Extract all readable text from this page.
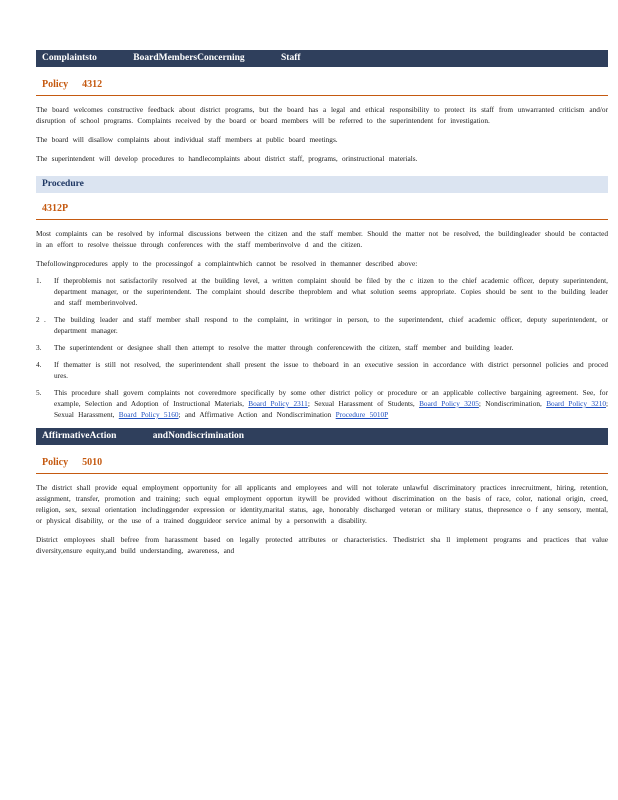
Complaintsto	BoardMembersConcerning	Staff
Policy 4312

The board welcomes constructive feedback about district programs, but the board has a legal and ethical responsibility to protect its staff from unwarranted criticism and/or disruption of school programs. Complaints received by the board or board members will be referred to the superintendent for investigation.

The board will disallow complaints about individual staff members at public board meetings.

The superintendent will develop procedures to handlecomplaints about district staff, programs, orinstructional materials.

Procedure
4312P

Most complaints can be resolved by informal discussions between the citizen and the staff member. Should the matter not be resolved, the buildingleader should be contacted in an effort to resolve theissue through conferences with the staff memberinvolve d and the citizen.

Thefollowingprocedures apply to the processingof a complaintwhich cannot be resolved in themanner described above:

1. If theproblemis not satisfactorily resolved at the building level, a written complaint should be filed by the c itizen to the chief academic officer, deputy superintendent, department manager, or the superintendent. The complaint should describe theproblem and what solution seems appropriate. Copies should be sent to the building leader and staff memberinvolved.
2 . The building leader and staff member shall respond to the complaint, in writingor in person, to the superintendent, chief academic officer, deputy superintendent, or department manager.
3. The superintendent or designee shall then attempt to resolve the matter through conferencewith the citizen, staff member and building leader.
4. If thematter is still not resolved, the superintendent shall present the issue to theboard in an executive session in accordance with district personnel policies and proced ures.
5. This procedure shall govern complaints not coveredmore specifically by some other district policy or procedure or an applicable collective bargaining agreement. See, for example, Selection and Adoption of Instructional Materials, Board Policy 2311; Sexual Harassment of Students, Board Policy 3205; Nondiscrimination, Board Policy 3210; Sexual Harassment, Board Policy 5160; and Affirmative Action and Nondiscrimination Procedure 5010P
AffirmativeAction	andNondiscrimination
Policy 5010

The district shall provide equal employment opportunity for all applicants and employees and will not tolerate unlawful discriminatory practices inrecruitment, hiring, retention, assignment, transfer, promotion and training; such equal employment opportun itywill be provided without discrimination on the basis of race, color, national origin, creed, religion, sex, sexual orientation includinggender expression or identity,marital status, age, honorably discharged veteran or military status, thepresence o f any sensory, mental, or physical disability, or the use of a trained dogguideor service animal by a personwith a disability.

District employees shall befree from harassment based on legally protected attributes or characteristics. Thedistrict sha ll implement programs and practices that value diversity,ensure equity,and build understanding, awareness, and
